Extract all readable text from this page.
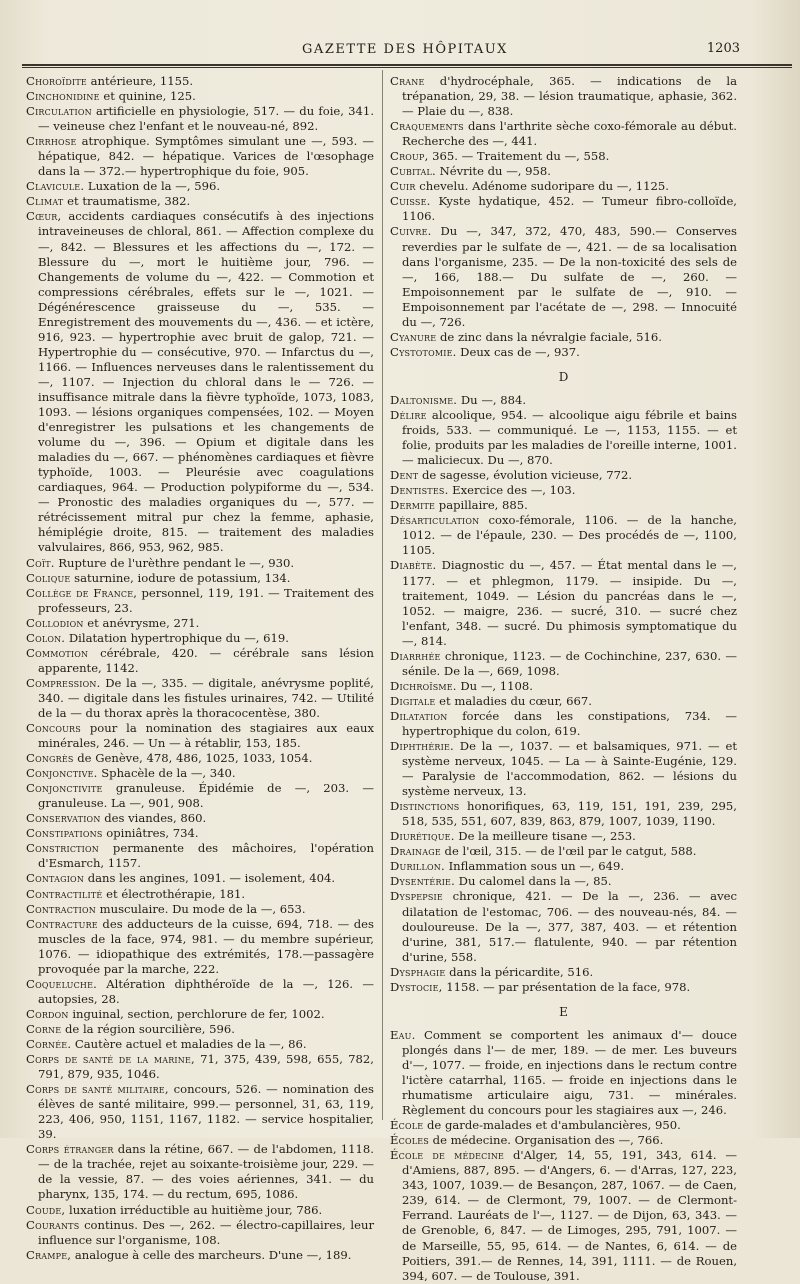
GAZETTE DES HÔPITAUX	1203

Choroïdite antérieure, 1155.

Cinchonidine et quinine, 125.

Circulation artificielle en physiologie, 517. — du foie, 341. — veineuse chez l'enfant et le nouveau-né, 892.

Cirrhose atrophique. Symptômes simulant une —, 593. — hépatique, 842. — hépatique. Varices de l'œsophage dans la — 372.— hypertrophique du foie, 905.

Clavicule. Luxation de la —, 596.

Climat et traumatisme, 382.

Cœur, accidents cardiaques consécutifs à des injections intraveineuses de chloral, 861. — Affection complexe du —, 842. — Blessures et les affections du —, 172. — Blessure du —, mort le huitième jour, 796. — Changements de volume du —, 422. — Commotion et compressions cérébrales, effets sur le —, 1021. — Dégénérescence graisseuse du —, 535. — Enregistrement des mouvements du —, 436. — et ictère, 916, 923. — hypertrophie avec bruit de galop, 721. — Hypertrophie du — consécutive, 970. — Infarctus du —, 1166. — Influences nerveuses dans le ralentissement du —, 1107. — Injection du chloral dans le — 726. — insuffisance mitrale dans la fièvre typhoïde, 1073, 1083, 1093. — lésions organiques compensées, 102. — Moyen d'enregistrer les pulsations et les changements de volume du —, 396. — Opium et digitale dans les maladies du —, 667. — phénomènes cardiaques et fièvre typhoïde, 1003. — Pleurésie avec coagulations cardiaques, 964. — Production polypiforme du —, 534. — Pronostic des maladies organiques du —, 577. — rétrécissement mitral pur chez la femme, aphasie, hémiplégie droite, 815. — traitement des maladies valvulaires, 866, 953, 962, 985.

Coït. Rupture de l'urèthre pendant le —, 930.

Colique saturnine, iodure de potassium, 134.

Collège de France, personnel, 119, 191. — Traitement des professeurs, 23.

Collodion et anévrysme, 271.

Colon. Dilatation hypertrophique du —, 619.

Commotion cérébrale, 420. — cérébrale sans lésion apparente, 1142.

Compression. De la —, 335. — digitale, anévrysme poplité, 340. — digitale dans les fistules urinaires, 742. — Utilité de la — du thorax après la thoracocentèse, 380.

Concours pour la nomination des stagiaires aux eaux minérales, 246. — Un — à rétablir, 153, 185.

Congrès de Genève, 478, 486, 1025, 1033, 1054.

Conjonctive. Sphacèle de la —, 340.

Conjonctivite granuleuse. Épidémie de —, 203. — granuleuse. La —, 901, 908.

Conservation des viandes, 860.

Constipations opiniâtres, 734.

Constriction permanente des mâchoires, l'opération d'Esmarch, 1157.

Contagion dans les angines, 1091. — isolement, 404.

Contractilité et électrothérapie, 181.

Contraction musculaire. Du mode de la —, 653.

Contracture des adducteurs de la cuisse, 694, 718. — des muscles de la face, 974, 981. — du membre supérieur, 1076. — idiopathique des extrémités, 178.—passagère provoquée par la marche, 222.

Coqueluche. Altération diphthéroïde de la —, 126. — autopsies, 28.

Cordon inguinal, section, perchlorure de fer, 1002.

Corne de la région sourcilière, 596.

Cornée. Cautère actuel et maladies de la —, 86.

Corps de santé de la marine, 71, 375, 439, 598, 655, 782, 791, 879, 935, 1046.

Corps de santé militaire, concours, 526. — nomination des élèves de santé militaire, 999.— personnel, 31, 63, 119, 223, 406, 950, 1151, 1167, 1182. — service hospitalier, 39.

Corps étranger dans la rétine, 667. — de l'abdomen, 1118. — de la trachée, rejet au soixante-troisième jour, 229. — de la vessie, 87. — des voies aériennes, 341. — du pharynx, 135, 174. — du rectum, 695, 1086.

Coude, luxation irréductible au huitième jour, 786.

Courants continus. Des —, 262. — électro-capillaires, leur influence sur l'organisme, 108.

Crampe, analogue à celle des marcheurs. D'une —, 189.

Crane d'hydrocéphale, 365. — indications de la trépanation, 29, 38. — lésion traumatique, aphasie, 362. — Plaie du —, 838.

Craquements dans l'arthrite sèche coxo-fémorale au début. Recherche des —, 441.

Croup, 365. — Traitement du —, 558.

Cubital. Névrite du —, 958.

Cuir chevelu. Adénome sudoripare du —, 1125.

Cuisse. Kyste hydatique, 452. — Tumeur fibro-colloïde, 1106.

Cuivre. Du —, 347, 372, 470, 483, 590.— Conserves reverdies par le sulfate de —, 421. — de sa localisation dans l'organisme, 235. — De la non-toxicité des sels de —, 166, 188.— Du sulfate de —, 260. — Empoisonnement par le sulfate de —, 910. — Empoisonnement par l'acétate de —, 298. — Innocuité du —, 726.

Cyanure de zinc dans la névralgie faciale, 516.

Cystotomie. Deux cas de —, 937.

D

Daltonisme. Du —, 884.

Délire alcoolique, 954. — alcoolique aigu fébrile et bains froids, 533. — communiqué. Le —, 1153, 1155. — et folie, produits par les maladies de l'oreille interne, 1001. — maliciecux. Du —, 870.

Dent de sagesse, évolution vicieuse, 772.

Dentistes. Exercice des —, 103.

Dermite papillaire, 885.

Désarticulation coxo-fémorale, 1106. — de la hanche, 1012. — de l'épaule, 230. — Des procédés de —, 1100, 1105.

Diabète. Diagnostic du —, 457. — État mental dans le —, 1177. — et phlegmon, 1179. — insipide. Du —, traitement, 1049. — Lésion du pancréas dans le —, 1052. — maigre, 236. — sucré, 310. — sucré chez l'enfant, 348. — sucré. Du phimosis symptomatique du —, 814.

Diarrhée chronique, 1123. — de Cochinchine, 237, 630. — sénile. De la —, 669, 1098.

Dichroïsme. Du —, 1108.

Digitale et maladies du cœur, 667.

Dilatation forcée dans les constipations, 734. — hypertrophique du colon, 619.

Diphthérie. De la —, 1037. — et balsamiques, 971. — et système nerveux, 1045. — La — à Sainte-Eugénie, 129. — Paralysie de l'accommodation, 862. — lésions du système nerveux, 13.

Distinctions honorifiques, 63, 119, 151, 191, 239, 295, 518, 535, 551, 607, 839, 863, 879, 1007, 1039, 1190.

Diurétique. De la meilleure tisane —, 253.

Drainage de l'œil, 315. — de l'œil par le catgut, 588.

Durillon. Inflammation sous un —, 649.

Dysentérie. Du calomel dans la —, 85.

Dyspepsie chronique, 421. — De la —, 236. — avec dilatation de l'estomac, 706. — des nouveau-nés, 84. — douloureuse. De la —, 377, 387, 403. — et rétention d'urine, 381, 517.— flatulente, 940. — par rétention d'urine, 558.

Dysphagie dans la péricardite, 516.

Dystocie, 1158. — par présentation de la face, 978.

E

Eau. Comment se comportent les animaux d'— douce plongés dans l'— de mer, 189. — de mer. Les buveurs d'—, 1077. — froide, en injections dans le rectum contre l'ictère catarrhal, 1165. — froide en injections dans le rhumatisme articulaire aigu, 731. — minérales. Règlement du concours pour les stagiaires aux —, 246.

École de garde-malades et d'ambulancières, 950.

Écoles de médecine. Organisation des —, 766.

École de médecine d'Alger, 14, 55, 191, 343, 614. — d'Amiens, 887, 895. — d'Angers, 6. — d'Arras, 127, 223, 343, 1007, 1039.— de Besançon, 287, 1067. — de Caen, 239, 614. — de Clermont, 79, 1007. — de Clermont-Ferrand. Lauréats de l'—, 1127. — de Dijon, 63, 343. — de Grenoble, 6, 847. — de Limoges, 295, 791, 1007. — de Marseille, 55, 95, 614. — de Nantes, 6, 614. — de Poitiers, 391.— de Rennes, 14, 391, 1111. — de Rouen, 394, 607. — de Toulouse, 391.
